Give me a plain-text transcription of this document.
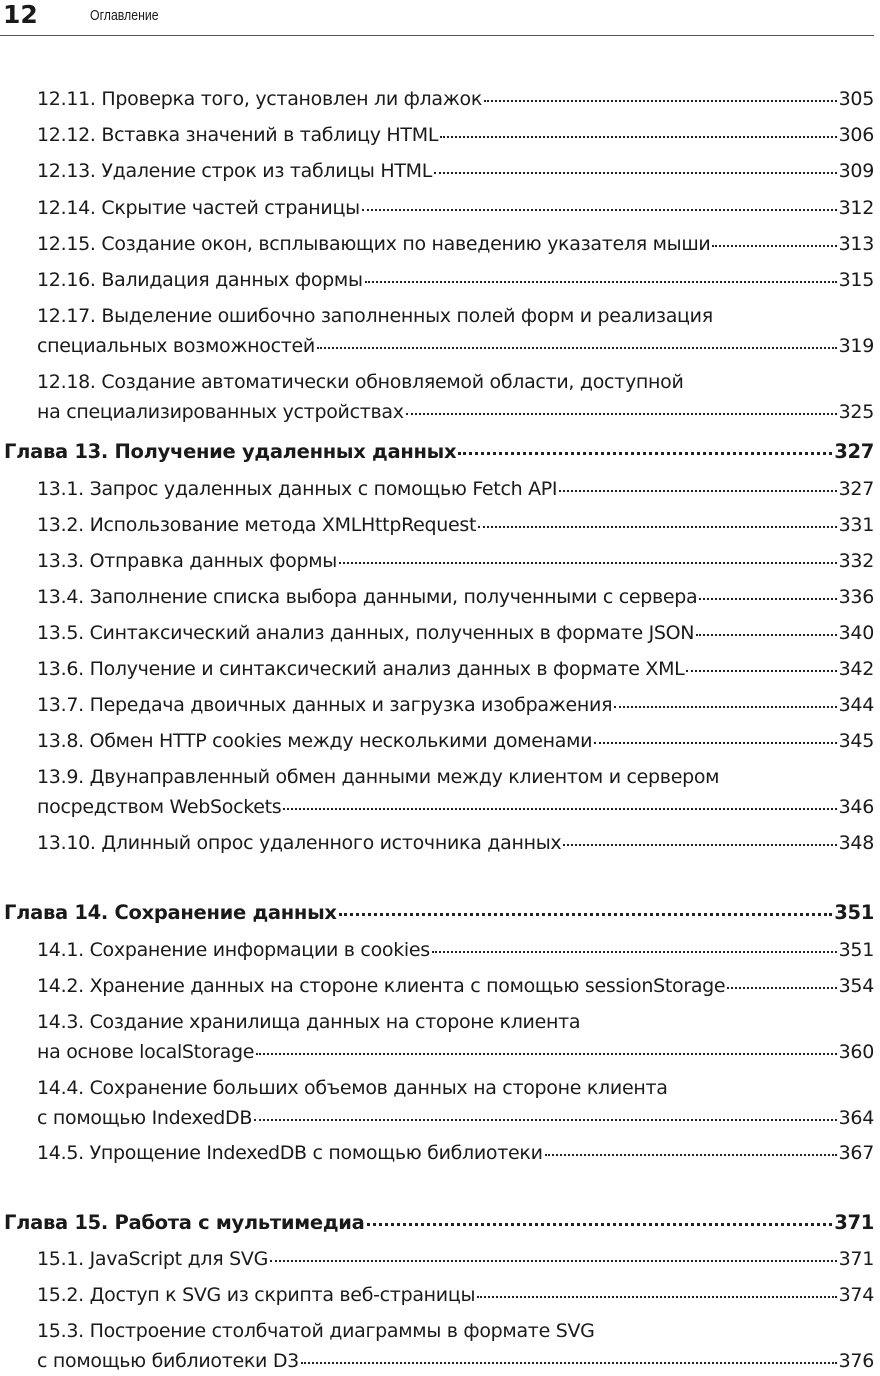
12	Оглавление
12.11. Проверка того, установлен ли флажок	305
12.12. Вставка значений в таблицу HTML	306
12.13. Удаление строк из таблицы HTML	309
12.14. Скрытие частей страницы	312
12.15. Создание окон, всплывающих по наведению указателя мыши	313
12.16. Валидация данных формы	315
12.17. Выделение ошибочно заполненных полей форм и реализация
специальных возможностей	319
12.18. Создание автоматически обновляемой области, доступной
на специализированных устройствах	325
Глава 13. Получение удаленных данных	327
13.1. Запрос удаленных данных с помощью Fetch API	327
13.2. Использование метода XMLHttpRequest	331
13.3. Отправка данных формы	332
13.4. Заполнение списка выбора данными, полученными с сервера	336
13.5. Синтаксический анализ данных, полученных в формате JSON	340
13.6. Получение и синтаксический анализ данных в формате XML	342
13.7. Передача двоичных данных и загрузка изображения	344
13.8. Обмен HTTP cookies между несколькими доменами	345
13.9. Двунаправленный обмен данными между клиентом и сервером
посредством WebSockets	346
13.10. Длинный опрос удаленного источника данных	348
Глава 14. Сохранение данных	351
14.1. Сохранение информации в cookies	351
14.2. Хранение данных на стороне клиента с помощью sessionStorage	354
14.3. Создание хранилища данных на стороне клиента
на основе localStorage	360
14.4. Сохранение больших объемов данных на стороне клиента
с помощью IndexedDB	364
14.5. Упрощение IndexedDB с помощью библиотеки	367
Глава 15. Работа с мультимедиа	371
15.1. JavaScript для SVG	371
15.2. Доступ к SVG из скрипта веб-страницы	374
15.3. Построение столбчатой диаграммы в формате SVG
с помощью библиотеки D3	376
